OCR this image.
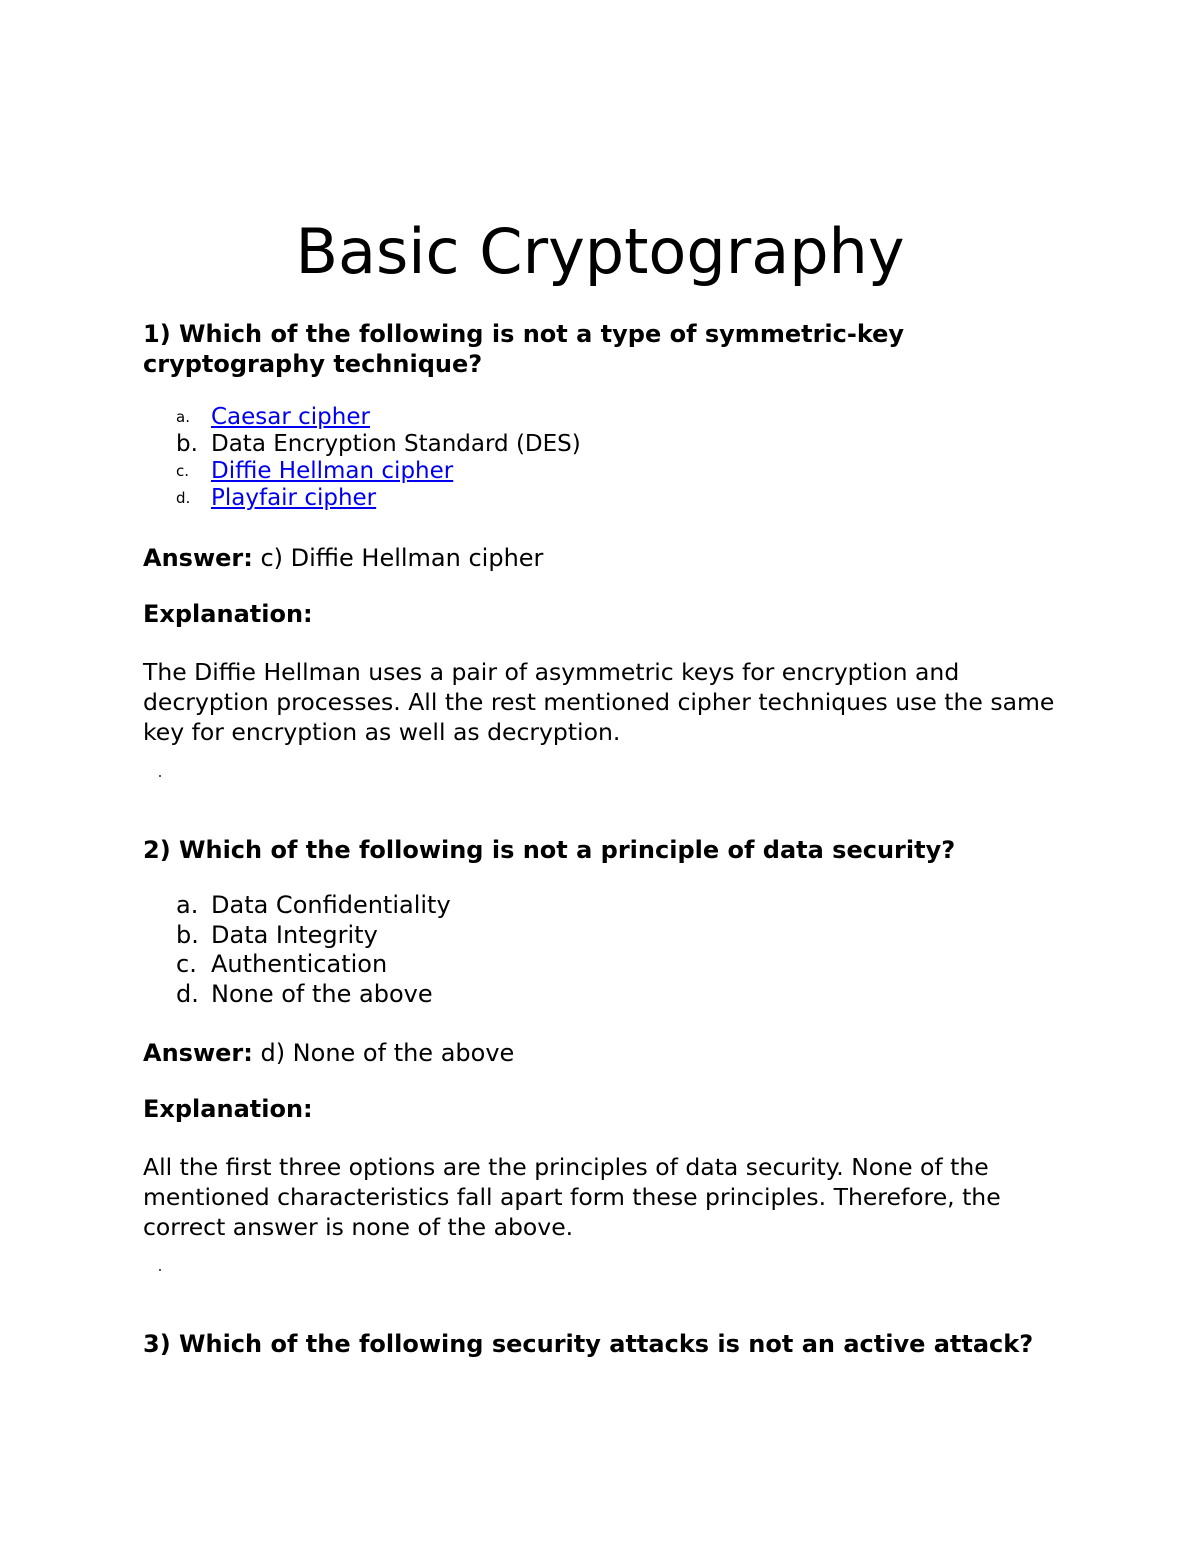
Basic Cryptography

1) Which of the following is not a type of symmetric-key cryptography technique?

a. Caesar cipher
b. Data Encryption Standard (DES)
c. Diffie Hellman cipher
d. Playfair cipher

Answer: c) Diffie Hellman cipher

Explanation:

The Diffie Hellman uses a pair of asymmetric keys for encryption and decryption processes. All the rest mentioned cipher techniques use the same key for encryption as well as decryption.

2) Which of the following is not a principle of data security?

a. Data Confidentiality
b. Data Integrity
c. Authentication
d. None of the above

Answer: d) None of the above

Explanation:

All the first three options are the principles of data security. None of the mentioned characteristics fall apart form these principles. Therefore, the correct answer is none of the above.

3) Which of the following security attacks is not an active attack?
